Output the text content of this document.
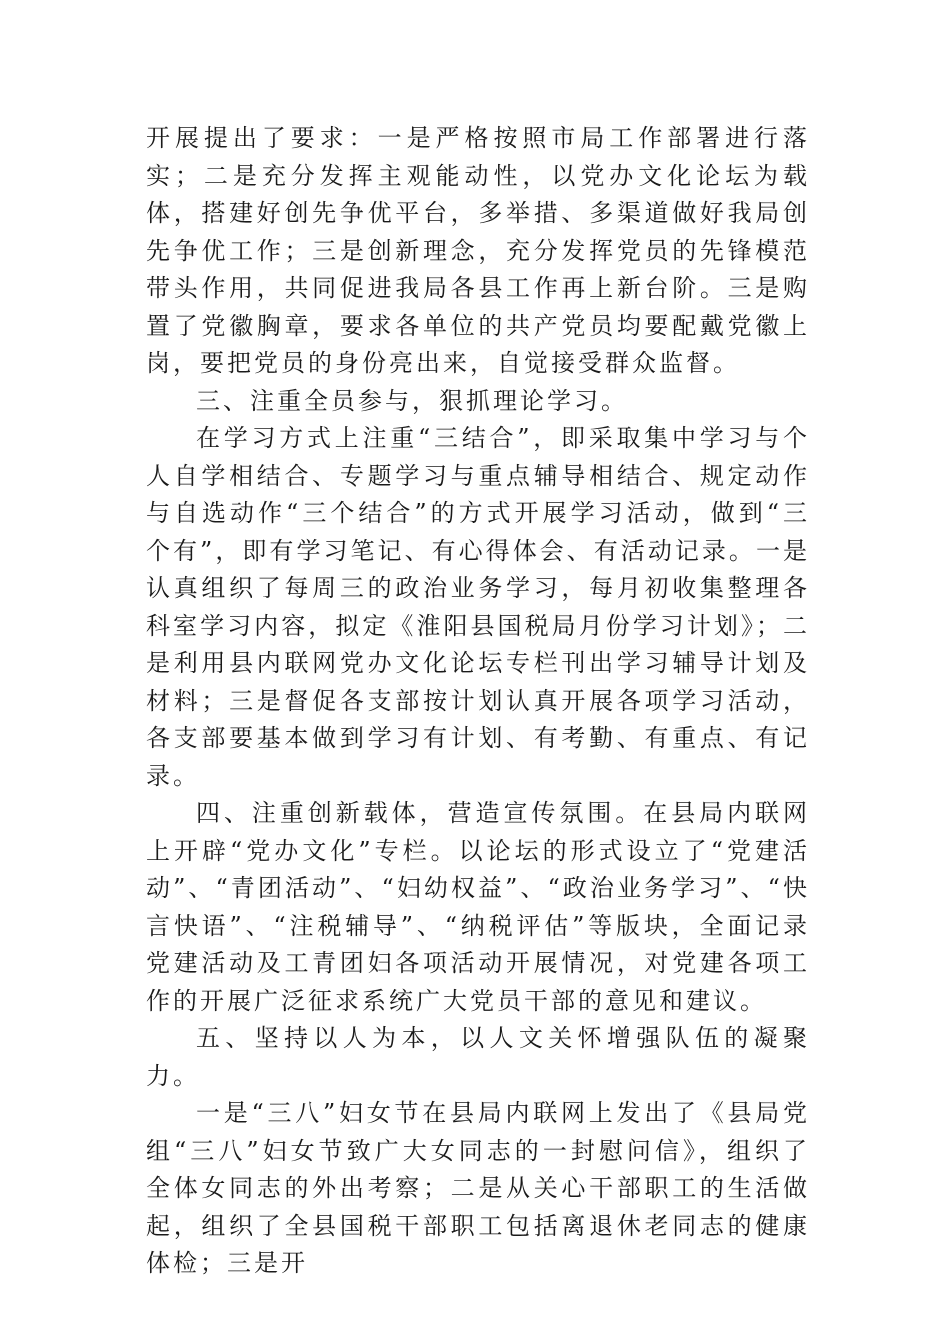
开展提出了要求：一是严格按照市局工作部署进行落实；二是充分发挥主观能动性，以党办文化论坛为载体，搭建好创先争优平台，多举措、多渠道做好我局创先争优工作；三是创新理念，充分发挥党员的先锋模范带头作用，共同促进我局各县工作再上新台阶。三是购置了党徽胸章，要求各单位的共产党员均要配戴党徽上岗，要把党员的身份亮出来，自觉接受群众监督。

三、注重全员参与，狠抓理论学习。

在学习方式上注重“三结合”，即采取集中学习与个人自学相结合、专题学习与重点辅导相结合、规定动作与自选动作“三个结合”的方式开展学习活动，做到“三个有”，即有学习笔记、有心得体会、有活动记录。一是认真组织了每周三的政治业务学习，每月初收集整理各科室学习内容，拟定《淮阳县国税局月份学习计划》；二是利用县内联网党办文化论坛专栏刊出学习辅导计划及材料；三是督促各支部按计划认真开展各项学习活动，各支部要基本做到学习有计划、有考勤、有重点、有记录。

四、注重创新载体，营造宣传氛围。在县局内联网上开辟“党办文化”专栏。以论坛的形式设立了“党建活动”、“青团活动”、“妇幼权益”、“政治业务学习”、“快言快语”、“注税辅导”、“纳税评估”等版块，全面记录党建活动及工青团妇各项活动开展情况，对党建各项工作的开展广泛征求系统广大党员干部的意见和建议。

五、坚持以人为本，以人文关怀增强队伍的凝聚力。

一是“三八”妇女节在县局内联网上发出了《县局党组“三八”妇女节致广大女同志的一封慰问信》，组织了全体女同志的外出考察；二是从关心干部职工的生活做起，组织了全县国税干部职工包括离退休老同志的健康体检；三是开
